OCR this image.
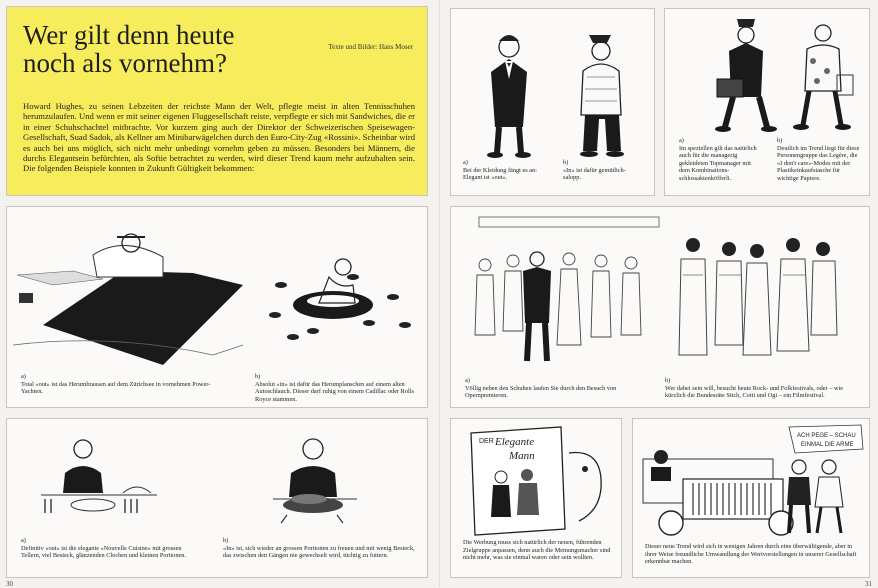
Wer gilt denn heute
noch als vornehm?
Texte und Bilder: Hans Moser
Howard Hughes, zu seinen Lebzeiten der reichste Mann der Welt, pflegte meist in alten Tennisschuhen herumzulaufen. Und wenn er mit seiner eigenen Fluggesellschaft reiste, verpflegte er sich mit Sandwiches, die er in einer Schuhschachtel mitbrachte. Vor kurzem ging auch der Direktor der Schweizerischen Speisewagen-Gesellschaft, Suad Sadok, als Kellner am Minibarwägelchen durch den Euro-City-Zug «Rossini». Scheinbar wird es auch bei uns möglich, sich nicht mehr unbedingt vornehm geben zu müssen. Besonders bei Männern, die durchs Elegantsein befürchten, als Softie betrachtet zu werden, wird dieser Trend kaum mehr aufzuhalten sein. Die folgenden Beispiele konnten in Zukunft Gültigkeit bekommen:
a)
Bei der Kleidung fängt es an: Elegant ist «out».
b)
«In» ist dafür gemütlich-salopp.
a)
Im speziellen gilt das natürlich auch für die managerig gekleideten Topmanager mit dem Kombinations-schlossaktenköfferli.
b)
Deutlich im Trend liegt für diese Personengruppe das Legère, die «I don't care»-Modes mit der Plastikeinkaufstasche für wichtige Papiere.
a)
Total «out» ist das Herumbrausen auf dem Zürichsee in vornehmen Power-Yachten.
b)
Absolut «in» ist dafür das Herumplanschen auf einem alten Autoschlauch. Dieser darf ruhig von einem Cadillac oder Rolls Royce stammen.
a)
Völlig neben den Schuhen laufen Sie durch den Besuch von Opernpremieren.
b)
Wer dabei sein will, besucht heute Rock- und Folkfestivals, oder – wie kürzlich die Bundesräte Stich, Cotti und Ogi – ein Filmfestival.
a)
Definitiv «out» ist die elegante «Nouvelle Cuisine» mit grossen Tellern, viel Besteck, glänzenden Clochen und kleinen Portionen.
b)
«In» ist, sich wieder an grossen Portionen zu freuen und mit wenig Besteck, das zwischen den Gängen nie gewechselt wird, tüchtig zu futtern.
DER Elegante
Mann
Die Werbung muss sich natürlich der neuen, führenden Zielgruppe anpassen, denn auch die Meinungsmacher sind nicht mehr, was sie einmal waren oder sein wollten.
ACH PEGE – SCHAU
EINMAL DIE ARME
Dieser neue Trend wird sich in wenigen Jahren durch eine überwältigende, aber in ihrer Weise freundliche Umwandlung der Wertvorstellungen in unserer Gesellschaft erkennbar machen.
30	31
